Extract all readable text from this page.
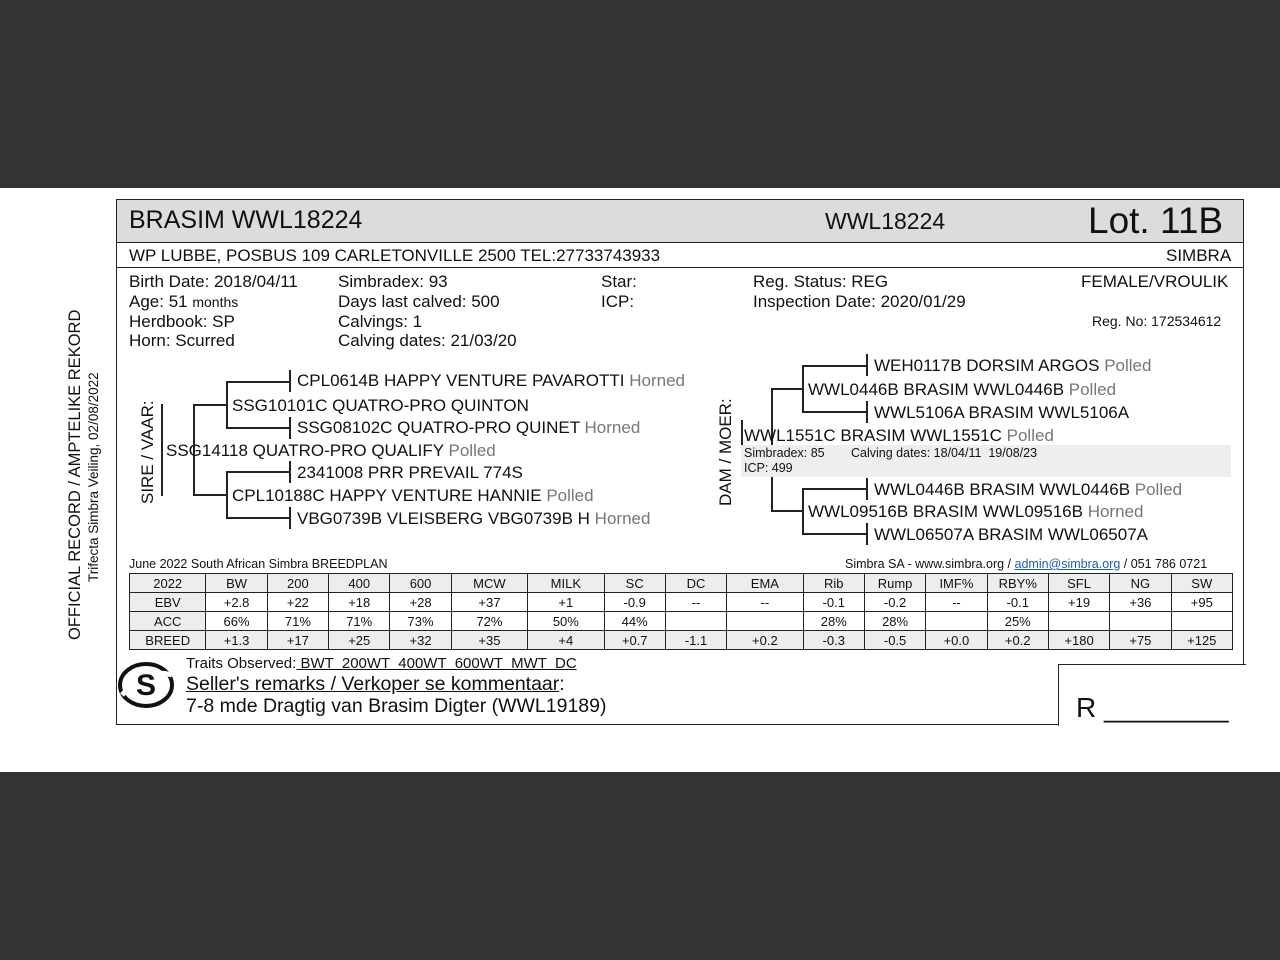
OFFICIAL RECORD / AMPTELIKE REKORD Trifecta Simbra Veiling, 02/08/2022
BRASIM WWL18224	WWL18224	Lot. 11B
WP LUBBE, POSBUS 109 CARLETONVILLE 2500 TEL:27733743933	SIMBRA
Birth Date: 2018/04/11
Age: 51 months
Herdbook: SP
Horn: Scurred
Simbradex: 93
Days last calved: 500
Calvings: 1
Calving dates: 21/03/20
Star:
ICP:
Reg. Status: REG
Inspection Date: 2020/01/29
FEMALE/VROULIK
Reg. No: 172534612
SIRE / VAAR:	DAM / MOER:
CPL0614B HAPPY VENTURE PAVAROTTI Horned
SSG10101C QUATRO-PRO QUINTON
SSG08102C QUATRO-PRO QUINET Horned
SSG14118 QUATRO-PRO QUALIFY Polled
2341008 PRR PREVAIL 774S
CPL10188C HAPPY VENTURE HANNIE Polled
VBG0739B VLEISBERG VBG0739B H Horned
WEH0117B DORSIM ARGOS Polled
WWL0446B BRASIM WWL0446B Polled
WWL5106A BRASIM WWL5106A
WWL1551C BRASIM WWL1551C Polled
Simbradex: 85 Calving dates: 18/04/11  19/08/23
ICP: 499
WWL0446B BRASIM WWL0446B Polled
WWL09516B BRASIM WWL09516B Horned
WWL06507A BRASIM WWL06507A
June 2022 South African Simbra BREEDPLAN	Simbra SA - www.simbra.org / admin@simbra.org / 051 786 0721
2022	BW	200	400	600	MCW	MILK	SC	DC	EMA	Rib	Rump	IMF%	RBY%	SFL	NG	SW
EBV	+2.8	+22	+18	+28	+37	+1	-0.9	--	--	-0.1	-0.2	--	-0.1	+19	+36	+95
ACC	66%	71%	71%	73%	72%	50%	44%			28%	28%		25%			
BREED	+1.3	+17	+25	+32	+35	+4	+0.7	-1.1	+0.2	-0.3	-0.5	+0.0	+0.2	+180	+75	+125
S
Traits Observed: BWT  200WT  400WT  600WT  MWT  DC
Seller's remarks / Verkoper se kommentaar:
7-8 mde Dragtig van Brasim Digter (WWL19189)	R ________
